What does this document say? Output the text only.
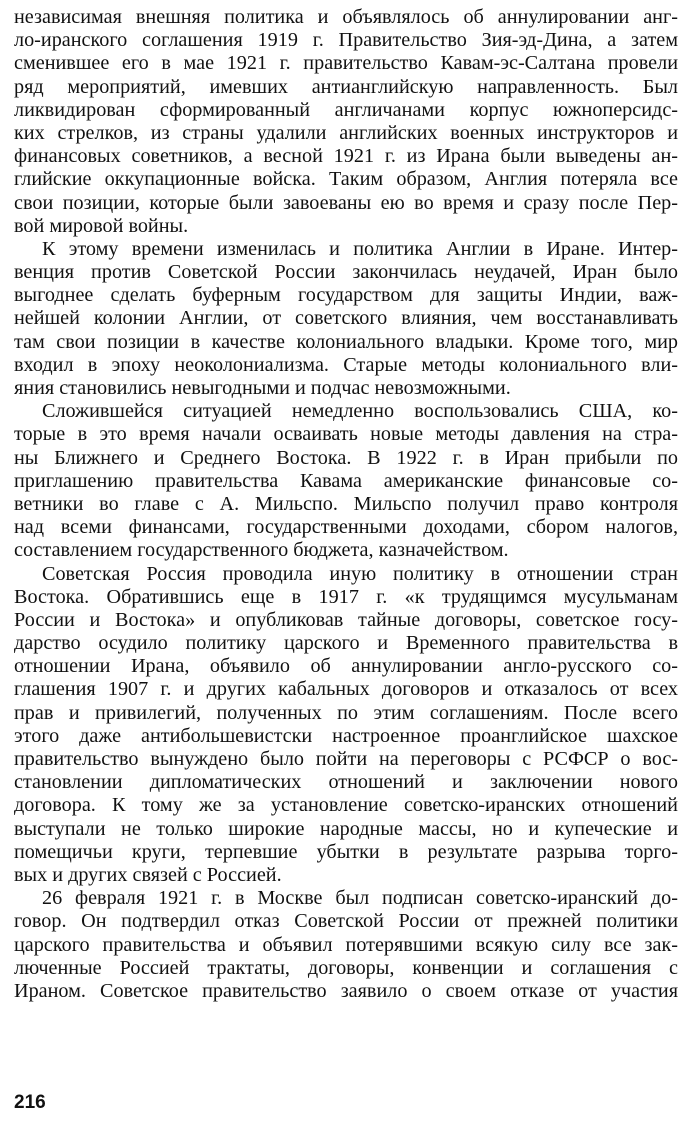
независимая внешняя политика и объявлялось об аннулировании анг-
ло-иранского соглашения 1919 г. Правительство Зия-эд-Дина, а затем
сменившее его в мае 1921 г. правительство Кавам-эс-Салтана провели
ряд мероприятий, имевших антианглийскую направленность. Был
ликвидирован сформированный англичанами корпус южноперсидс-
ких стрелков, из страны удалили английских военных инструкторов и
финансовых советников, а весной 1921 г. из Ирана были выведены ан-
глийские оккупационные войска. Таким образом, Англия потеряла все
свои позиции, которые были завоеваны ею во время и сразу после Пер-
вой мировой войны.
К этому времени изменилась и политика Англии в Иране. Интер-
венция против Советской России закончилась неудачей, Иран было
выгоднее сделать буферным государством для защиты Индии, важ-
нейшей колонии Англии, от советского влияния, чем восстанавливать
там свои позиции в качестве колониального владыки. Кроме того, мир
входил в эпоху неоколониализма. Старые методы колониального вли-
яния становились невыгодными и подчас невозможными.
Сложившейся ситуацией немедленно воспользовались США, ко-
торые в это время начали осваивать новые методы давления на стра-
ны Ближнего и Среднего Востока. В 1922 г. в Иран прибыли по
приглашению правительства Кавама американские финансовые со-
ветники во главе с А. Мильспо. Мильспо получил право контроля
над всеми финансами, государственными доходами, сбором налогов,
составлением государственного бюджета, казначейством.
Советская Россия проводила иную политику в отношении стран
Востока. Обратившись еще в 1917 г. «к трудящимся мусульманам
России и Востока» и опубликовав тайные договоры, советское госу-
дарство осудило политику царского и Временного правительства в
отношении Ирана, объявило об аннулировании англо-русского со-
глашения 1907 г. и других кабальных договоров и отказалось от всех
прав и привилегий, полученных по этим соглашениям. После всего
этого даже антибольшевистски настроенное проанглийское шахское
правительство вынуждено было пойти на переговоры с РСФСР о вос-
становлении дипломатических отношений и заключении нового
договора. К тому же за установление советско-иранских отношений
выступали не только широкие народные массы, но и купеческие и
помещичьи круги, терпевшие убытки в результате разрыва торго-
вых и других связей с Россией.
26 февраля 1921 г. в Москве был подписан советско-иранский до-
говор. Он подтвердил отказ Советской России от прежней политики
царского правительства и объявил потерявшими всякую силу все зак-
люченные Россией трактаты, договоры, конвенции и соглашения с
Ираном. Советское правительство заявило о своем отказе от участия
216
